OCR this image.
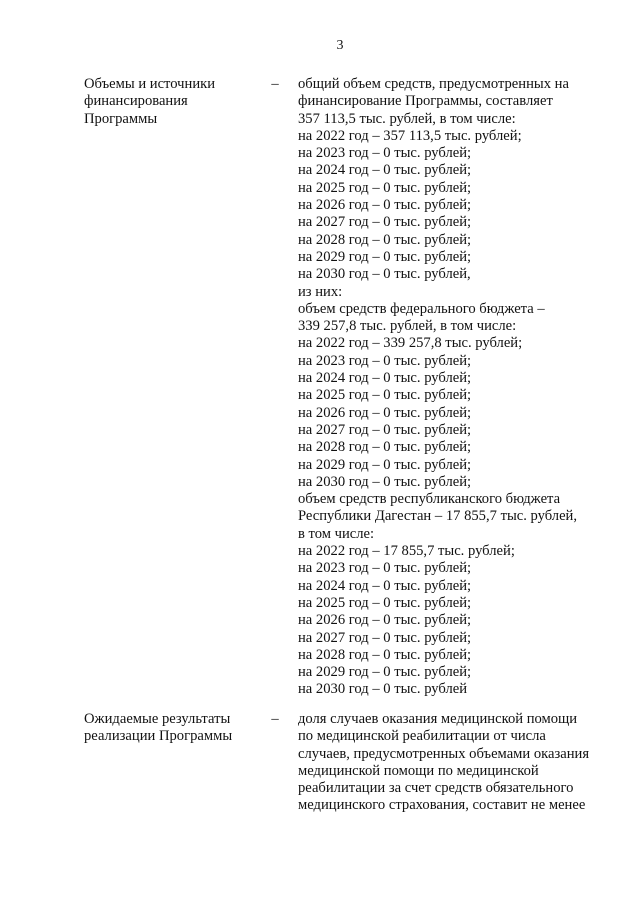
3
Объемы и источники
финансирования
Программы
– общий объем средств, предусмотренных на
финансирование Программы, составляет
357 113,5 тыс. рублей, в том числе:
на 2022 год – 357 113,5 тыс. рублей;
на 2023 год – 0 тыс. рублей;
на 2024 год – 0 тыс. рублей;
на 2025 год – 0 тыс. рублей;
на 2026 год – 0 тыс. рублей;
на 2027 год – 0 тыс. рублей;
на 2028 год – 0 тыс. рублей;
на 2029 год – 0 тыс. рублей;
на 2030 год – 0 тыс. рублей,
из них:
объем средств федерального бюджета –
339 257,8 тыс. рублей, в том числе:
на 2022 год – 339 257,8 тыс. рублей;
на 2023 год – 0 тыс. рублей;
на 2024 год – 0 тыс. рублей;
на 2025 год – 0 тыс. рублей;
на 2026 год – 0 тыс. рублей;
на 2027 год – 0 тыс. рублей;
на 2028 год – 0 тыс. рублей;
на 2029 год – 0 тыс. рублей;
на 2030 год – 0 тыс. рублей;
объем средств республиканского бюджета
Республики Дагестан – 17 855,7 тыс. рублей,
в том числе:
на 2022 год – 17 855,7 тыс. рублей;
на 2023 год – 0 тыс. рублей;
на 2024 год – 0 тыс. рублей;
на 2025 год – 0 тыс. рублей;
на 2026 год – 0 тыс. рублей;
на 2027 год – 0 тыс. рублей;
на 2028 год – 0 тыс. рублей;
на 2029 год – 0 тыс. рублей;
на 2030 год – 0 тыс. рублей
Ожидаемые результаты
реализации Программы
– доля случаев оказания медицинской помощи
по медицинской реабилитации от числа
случаев, предусмотренных объемами оказания
медицинской помощи по медицинской
реабилитации за счет средств обязательного
медицинского страхования, составит не менее
